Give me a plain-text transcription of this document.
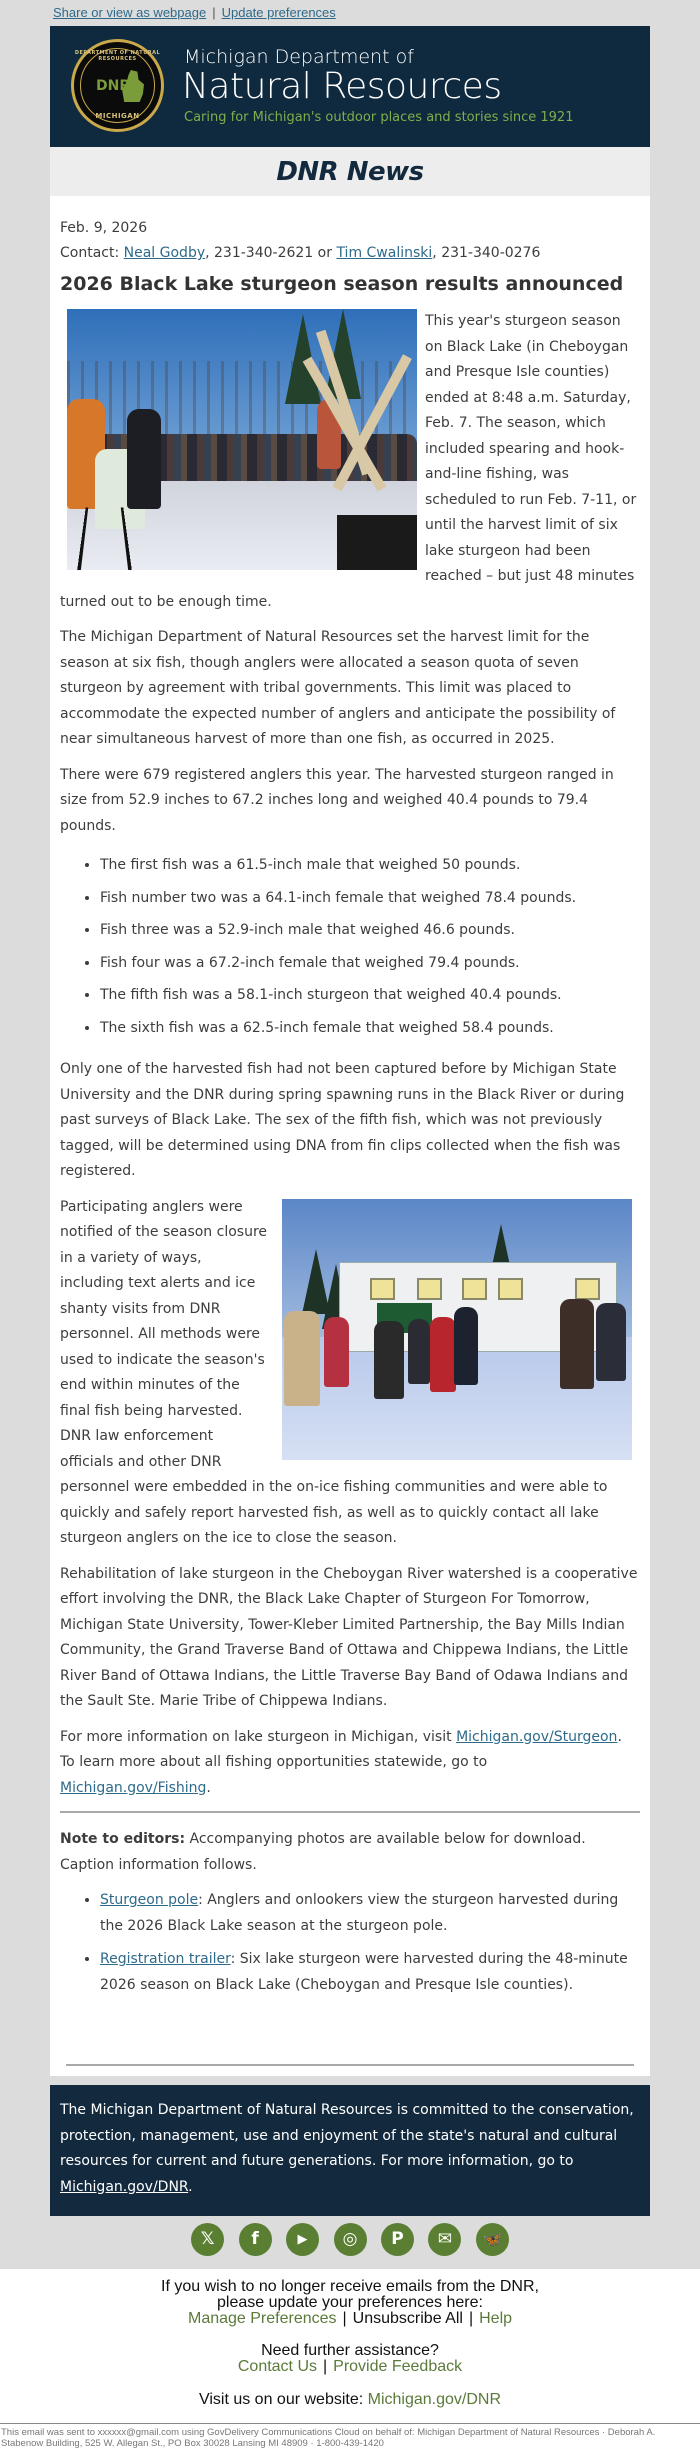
Share or view as webpage | Update preferences
DEPARTMENT OF NATURAL RESOURCES
DNR
MICHIGAN
Michigan Department of
Natural Resources
Caring for Michigan's outdoor places and stories since 1921
DNR News

Feb. 9, 2026

Contact: Neal Godby, 231-340-2621 or Tim Cwalinski, 231-340-0276

2026 Black Lake sturgeon season results announced

This year's sturgeon season on Black Lake (in Cheboygan and Presque Isle counties) ended at 8:48 a.m. Saturday, Feb. 7. The season, which included spearing and hook-and-line fishing, was scheduled to run Feb. 7-11, or until the harvest limit of six lake sturgeon had been reached – but just 48 minutes turned out to be enough time.

The Michigan Department of Natural Resources set the harvest limit for the season at six fish, though anglers were allocated a season quota of seven sturgeon by agreement with tribal governments. This limit was placed to accommodate the expected number of anglers and anticipate the possibility of near simultaneous harvest of more than one fish, as occurred in 2025.

There were 679 registered anglers this year. The harvested sturgeon ranged in size from 52.9 inches to 67.2 inches long and weighed 40.4 pounds to 79.4 pounds.

• The first fish was a 61.5-inch male that weighed 50 pounds.
• Fish number two was a 64.1-inch female that weighed 78.4 pounds.
• Fish three was a 52.9-inch male that weighed 46.6 pounds.
• Fish four was a 67.2-inch female that weighed 79.4 pounds.
• The fifth fish was a 58.1-inch sturgeon that weighed 40.4 pounds.
• The sixth fish was a 62.5-inch female that weighed 58.4 pounds.

Only one of the harvested fish had not been captured before by Michigan State University and the DNR during spring spawning runs in the Black River or during past surveys of Black Lake. The sex of the fifth fish, which was not previously tagged, will be determined using DNA from fin clips collected when the fish was registered.

Participating anglers were notified of the season closure in a variety of ways, including text alerts and ice shanty visits from DNR personnel. All methods were used to indicate the season's end within minutes of the final fish being harvested. DNR law enforcement officials and other DNR personnel were embedded in the on-ice fishing communities and were able to quickly and safely report harvested fish, as well as to quickly contact all lake sturgeon anglers on the ice to close the season.

Rehabilitation of lake sturgeon in the Cheboygan River watershed is a cooperative effort involving the DNR, the Black Lake Chapter of Sturgeon For Tomorrow, Michigan State University, Tower-Kleber Limited Partnership, the Bay Mills Indian Community, the Grand Traverse Band of Ottawa and Chippewa Indians, the Little River Band of Ottawa Indians, the Little Traverse Bay Band of Odawa Indians and the Sault Ste. Marie Tribe of Chippewa Indians.

For more information on lake sturgeon in Michigan, visit Michigan.gov/Sturgeon. To learn more about all fishing opportunities statewide, go to Michigan.gov/Fishing.

Note to editors: Accompanying photos are available below for download. Caption information follows.

• Sturgeon pole: Anglers and onlookers view the sturgeon harvested during the 2026 Black Lake season at the sturgeon pole.
• Registration trailer: Six lake sturgeon were harvested during the 48-minute 2026 season on Black Lake (Cheboygan and Presque Isle counties).
The Michigan Department of Natural Resources is committed to the conservation, protection, management, use and enjoyment of the state's natural and cultural resources for current and future generations. For more information, go to Michigan.gov/DNR.
𝕏 f	▶ ◎ P ✉ 🦋
If you wish to no longer receive emails from the DNR,
please update your preferences here:
Manage Preferences | Unsubscribe All | Help
Need further assistance?
Contact Us | Provide Feedback
Visit us on our website: Michigan.gov/DNR
This email was sent to xxxxxx@gmail.com using GovDelivery Communications Cloud on behalf of: Michigan Department of Natural Resources · Deborah A. Stabenow Building, 525 W. Allegan St., PO Box 30028 Lansing MI 48909 · 1-800-439-1420
